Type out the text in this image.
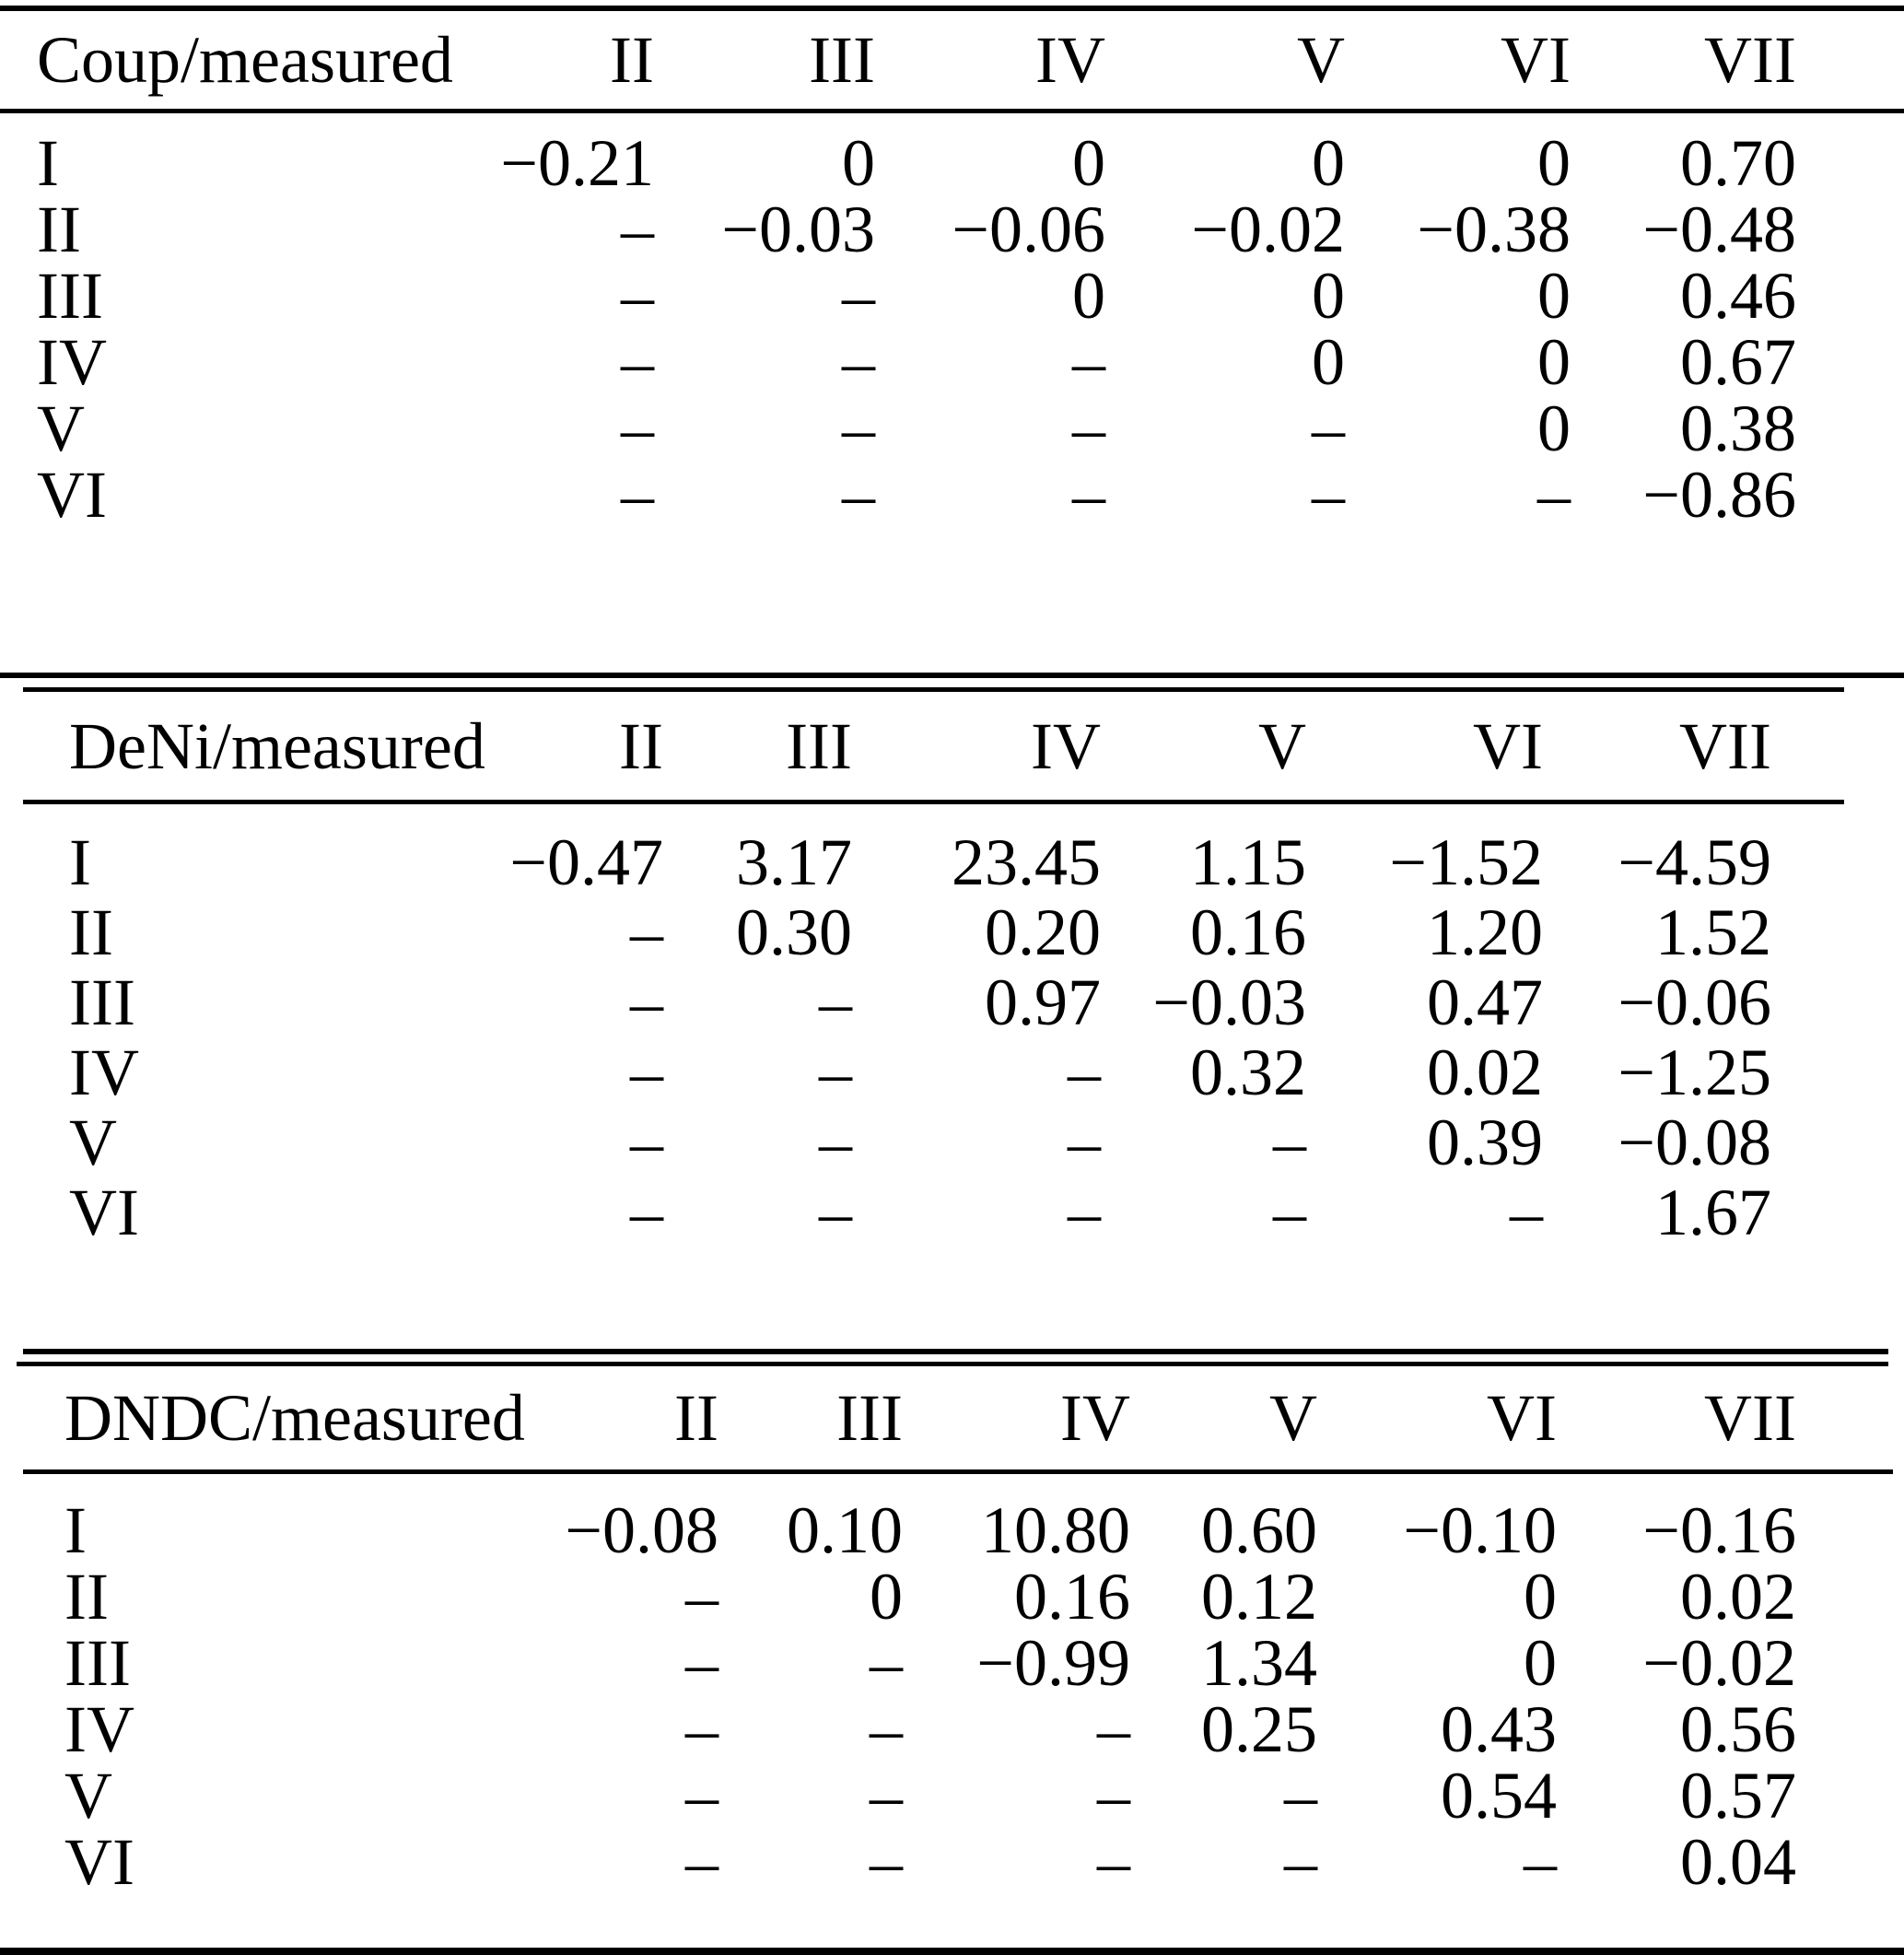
Coup/measured	II	III	IV	V	VI	VII
I	−0.21	0	0	0	0	0.70
II	–	−0.03	−0.06	−0.02	−0.38	−0.48
III	–	–	0	0	0	0.46
IV	–	–	–	0	0	0.67
V	–	–	–	–	0	0.38
VI	–	–	–	–	–	−0.86
DeNi/measured	II	III	IV	V	VI	VII
I	−0.47	3.17	23.45	1.15	−1.52	−4.59
II	–	0.30	0.20	0.16	1.20	1.52
III	–	–	0.97	−0.03	0.47	−0.06
IV	–	–	–	0.32	0.02	−1.25
V	–	–	–	–	0.39	−0.08
VI	–	–	–	–	–	1.67
DNDC/measured	II	III	IV	V	VI	VII
I	−0.08	0.10	10.80	0.60	−0.10	−0.16
II	–	0	0.16	0.12	0	0.02
III	–	–	−0.99	1.34	0	−0.02
IV	–	–	–	0.25	0.43	0.56
V	–	–	–	–	0.54	0.57
VI	–	–	–	–	–	0.04
